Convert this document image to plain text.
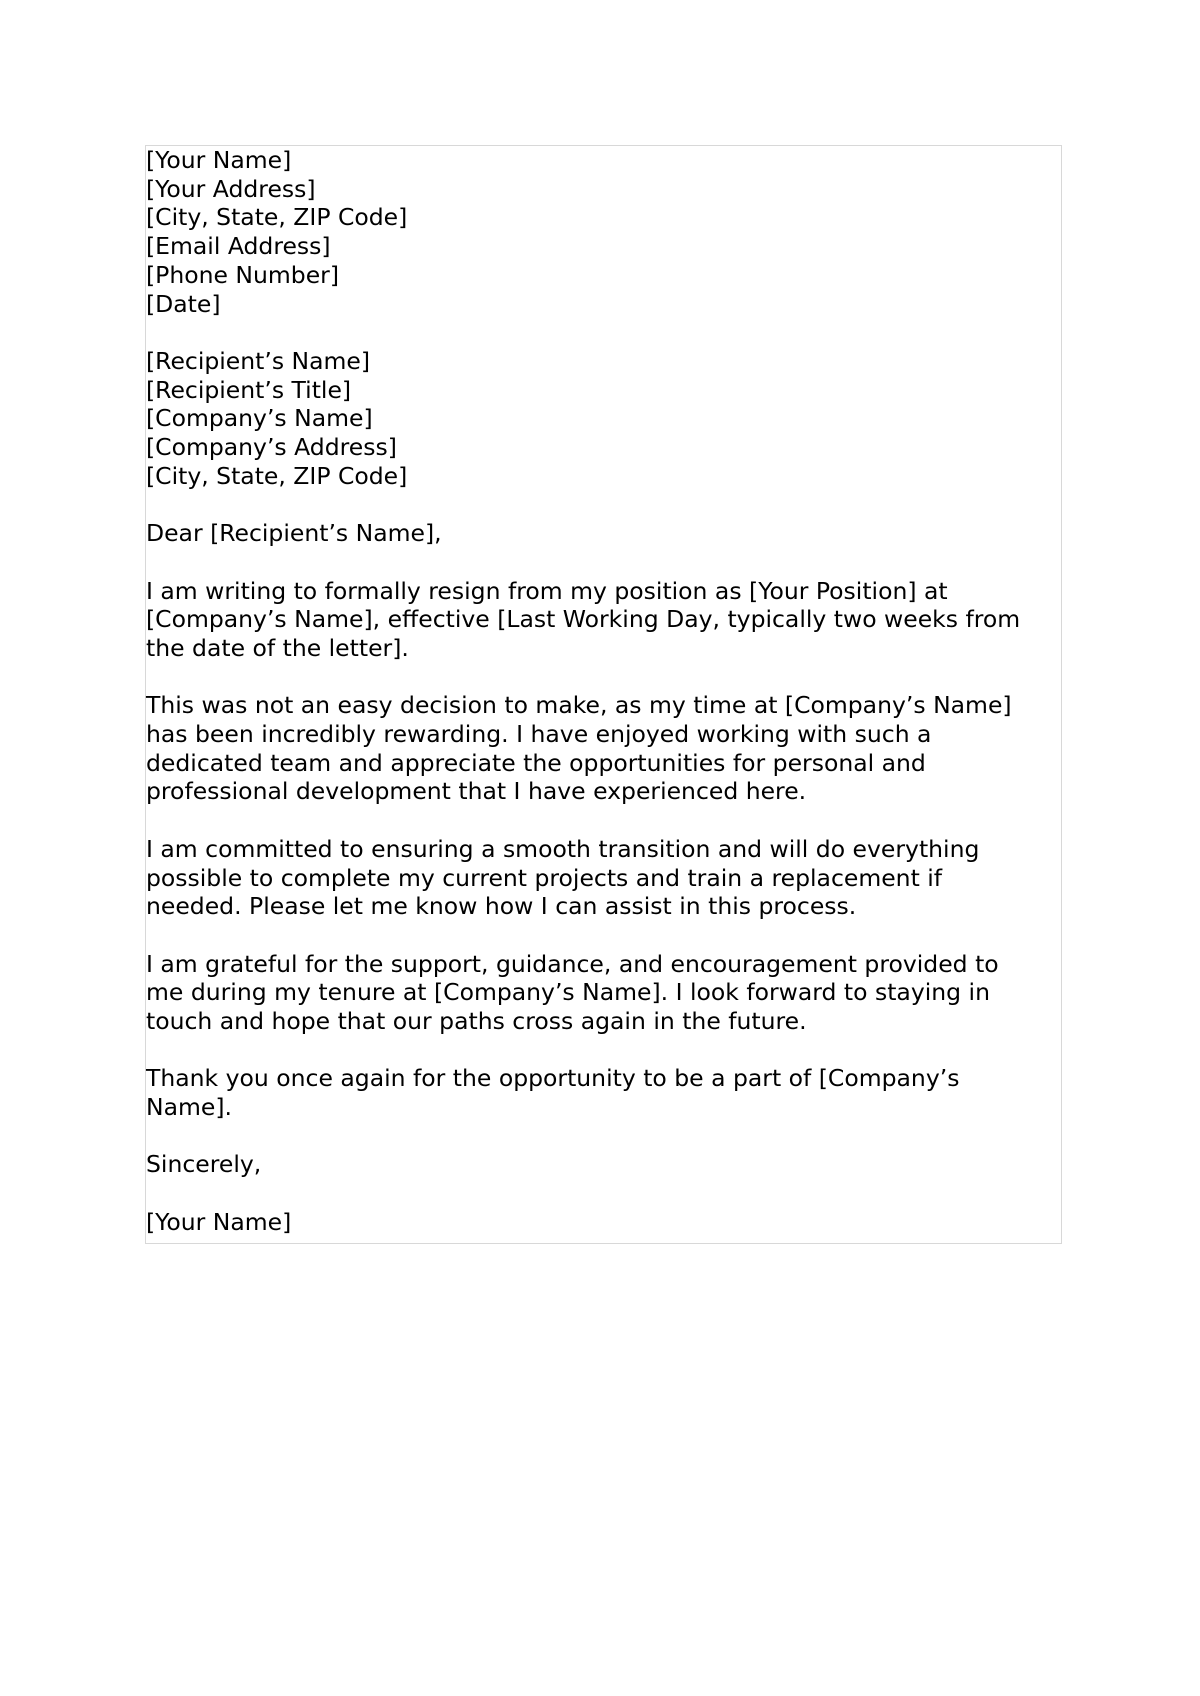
[Your Name]
[Your Address]
[City, State, ZIP Code]
[Email Address]
[Phone Number]
[Date]
[Recipient’s Name]
[Recipient’s Title]
[Company’s Name]
[Company’s Address]
[City, State, ZIP Code]
Dear [Recipient’s Name],

I am writing to formally resign from my position as [Your Position] at
[Company’s Name], effective [Last Working Day, typically two weeks from
the date of the letter].

This was not an easy decision to make, as my time at [Company’s Name]
has been incredibly rewarding. I have enjoyed working with such a
dedicated team and appreciate the opportunities for personal and
professional development that I have experienced here.

I am committed to ensuring a smooth transition and will do everything
possible to complete my current projects and train a replacement if
needed. Please let me know how I can assist in this process.

I am grateful for the support, guidance, and encouragement provided to
me during my tenure at [Company’s Name]. I look forward to staying in
touch and hope that our paths cross again in the future.

Thank you once again for the opportunity to be a part of [Company’s
Name].

Sincerely,
[Your Name]
